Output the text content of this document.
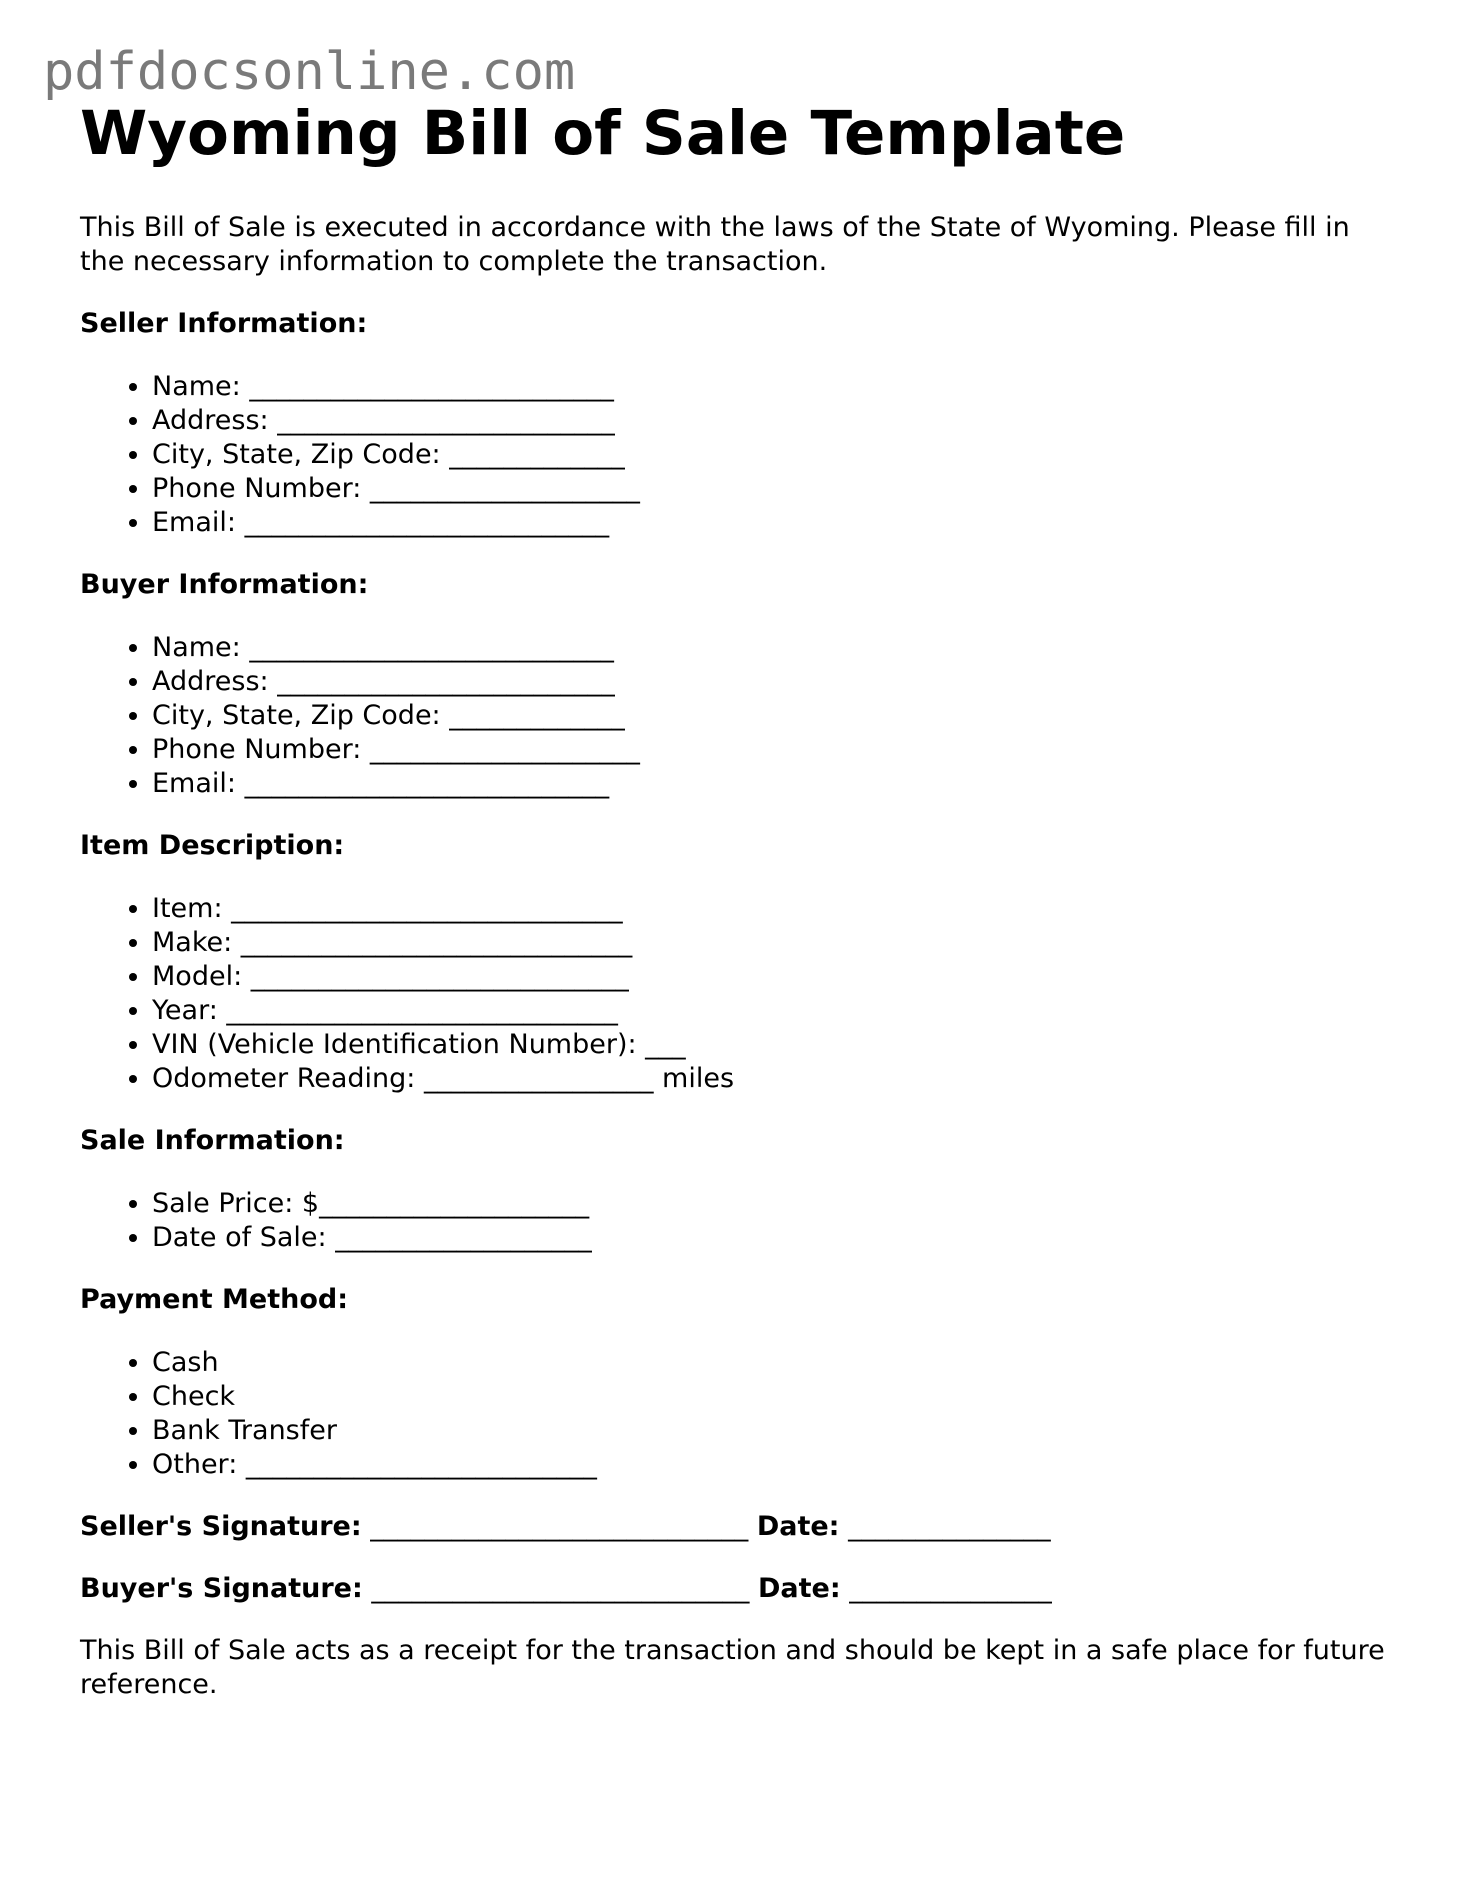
pdfdocsonline.com
Wyoming Bill of Sale Template

This Bill of Sale is executed in accordance with the laws of the State of Wyoming. Please fill in the necessary information to complete the transaction.

Seller Information:
• Name: ___________________________
• Address: _________________________
• City, State, Zip Code: _____________
• Phone Number: ____________________
• Email: ___________________________
Buyer Information:
• Name: ___________________________
• Address: _________________________
• City, State, Zip Code: _____________
• Phone Number: ____________________
• Email: ___________________________
Item Description:
• Item: _____________________________
• Make: _____________________________
• Model: ____________________________
• Year: _____________________________
• VIN (Vehicle Identification Number): ___
• Odometer Reading: _________________ miles
Sale Information:
• Sale Price: $____________________
• Date of Sale: ___________________
Payment Method:
• Cash
• Check
• Bank Transfer
• Other: __________________________
Seller's Signature: ____________________________ Date: _______________
Buyer's Signature: ____________________________ Date: _______________

This Bill of Sale acts as a receipt for the transaction and should be kept in a safe place for future reference.
